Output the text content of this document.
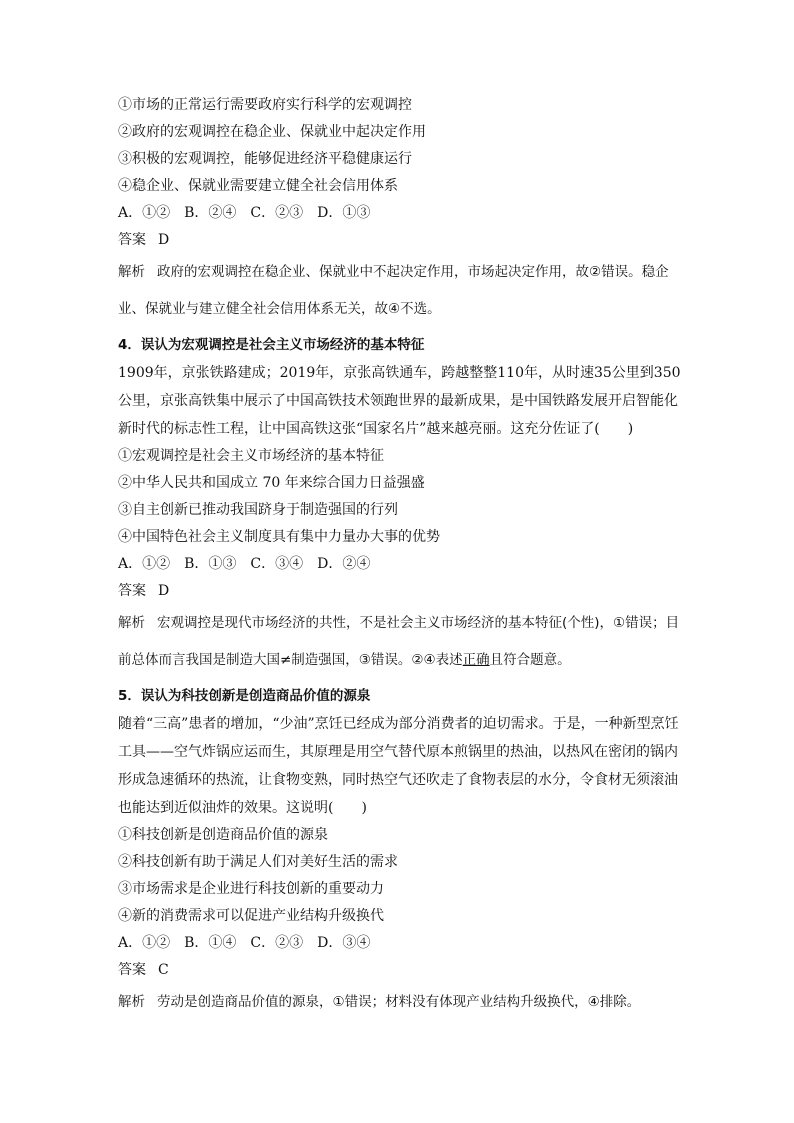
①市场的正常运行需要政府实行科学的宏观调控
②政府的宏观调控在稳企业、保就业中起决定作用
③积极的宏观调控，能够促进经济平稳健康运行
④稳企业、保就业需要建立健全社会信用体系
A．①②　B．②④　C．②③　D．①③
答案 D
解析 政府的宏观调控在稳企业、保就业中不起决定作用，市场起决定作用，故②错误。稳企业、保就业与建立健全社会信用体系无关，故④不选。
4．误认为宏观调控是社会主义市场经济的基本特征
1909年，京张铁路建成；2019年，京张高铁通车，跨越整整110年，从时速35公里到350公里，京张高铁集中展示了中国高铁技术领跑世界的最新成果，是中国铁路发展开启智能化新时代的标志性工程，让中国高铁这张“国家名片”越来越亮丽。这充分佐证了(　　)
①宏观调控是社会主义市场经济的基本特征
②中华人民共和国成立 70 年来综合国力日益强盛
③自主创新已推动我国跻身于制造强国的行列
④中国特色社会主义制度具有集中力量办大事的优势
A．①②　B．①③　C．③④　D．②④
答案 D
解析 宏观调控是现代市场经济的共性，不是社会主义市场经济的基本特征(个性)，①错误；目前总体而言我国是制造大国≠制造强国，③错误。②④表述正确且符合题意。
5．误认为科技创新是创造商品价值的源泉
随着“三高”患者的增加，“少油”烹饪已经成为部分消费者的迫切需求。于是，一种新型烹饪工具——空气炸锅应运而生，其原理是用空气替代原本煎锅里的热油，以热风在密闭的锅内形成急速循环的热流，让食物变熟，同时热空气还吹走了食物表层的水分，令食材无须滚油也能达到近似油炸的效果。这说明(　　)
①科技创新是创造商品价值的源泉
②科技创新有助于满足人们对美好生活的需求
③市场需求是企业进行科技创新的重要动力
④新的消费需求可以促进产业结构升级换代
A．①②　B．①④　C．②③　D．③④
答案 C
解析 劳动是创造商品价值的源泉，①错误；材料没有体现产业结构升级换代，④排除。
